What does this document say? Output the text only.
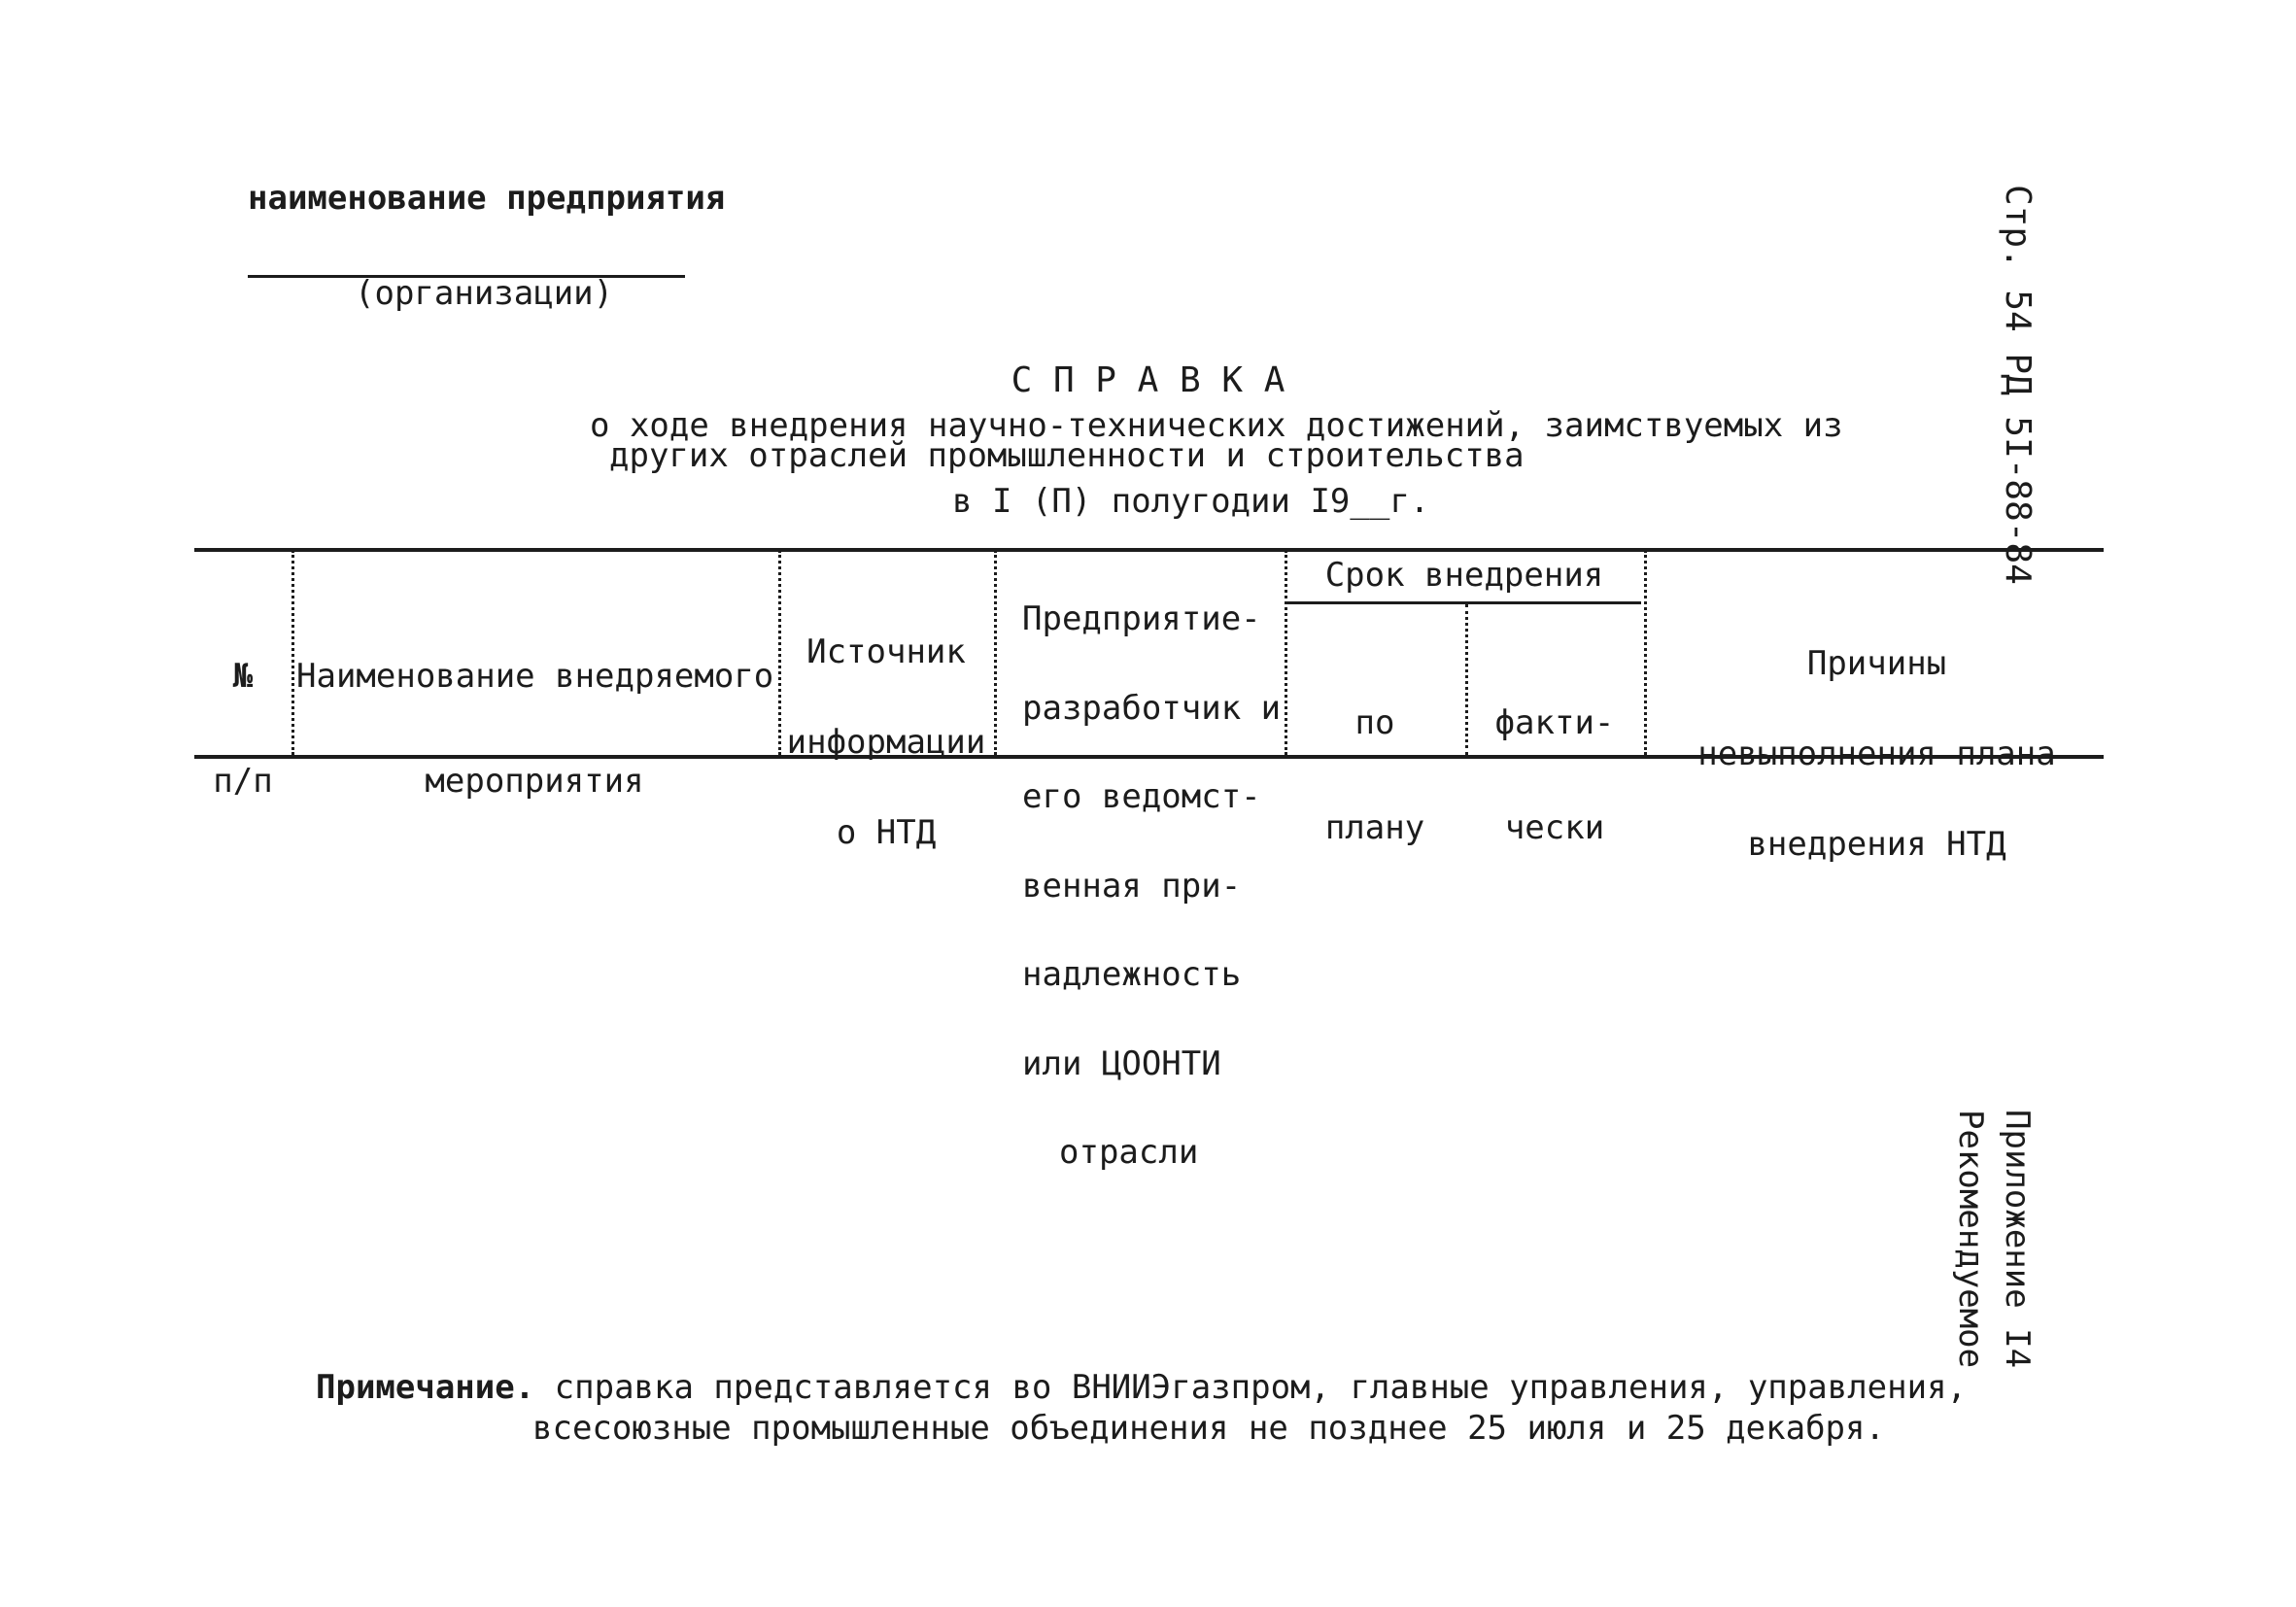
наименование предприятия
(организации)
С П Р А В К А
о ходе внедрения научно-технических достижений, заимствуемых из
других отраслей промышленности и строительства
в I (П) полугодии I9__г.	Стр. 54 РД 5I-88-84
Приложение I4
Рекомендуемое

№

п/п

Наименование внедряемого

мероприятия

Источник

информации

о НТД

Предприятие-

разработчик и

его ведомст-

венная при-

надлежность

или ЦООНТИ

отрасли

Срок внедрения

по

плану

факти-

чески

Причины

невыполнения плана

внедрения НТД

Примечание. справка представляется во ВНИИЭгазпром, главные управления, управления,
всесоюзные промышленные объединения не позднее 25 июля и 25 декабря.
